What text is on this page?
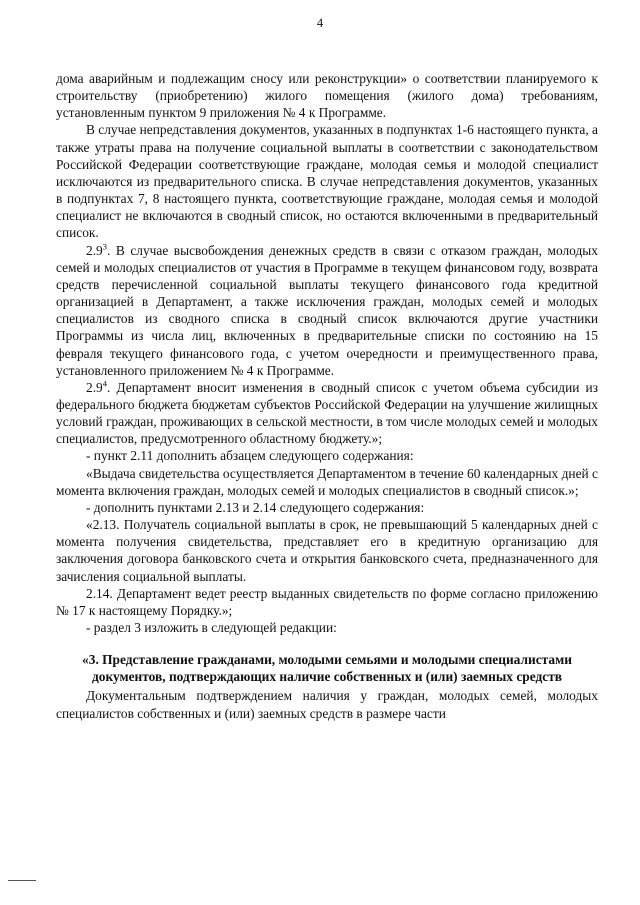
4

дома аварийным и подлежащим сносу или реконструкции» о соответствии планируемого к строительству (приобретению) жилого помещения (жилого дома) требованиям, установленным пунктом 9 приложения № 4 к Программе.

В случае непредставления документов, указанных в подпунктах 1-6 настоящего пункта, а также утраты права на получение социальной выплаты в соответствии с законодательством Российской Федерации соответствующие граждане, молодая семья и молодой специалист исключаются из предварительного списка. В случае непредставления документов, указанных в подпунктах 7, 8 настоящего пункта, соответствующие граждане, молодая семья и молодой специалист не включаются в сводный список, но остаются включенными в предварительный список.

$2.9^3$. В случае высвобождения денежных средств в связи с отказом граждан, молодых семей и молодых специалистов от участия в Программе в текущем финансовом году, возврата средств перечисленной социальной выплаты текущего финансового года кредитной организацией в Департамент, а также исключения граждан, молодых семей и молодых специалистов из сводного списка в сводный список включаются другие участники Программы из числа лиц, включенных в предварительные списки по состоянию на 15 февраля текущего финансового года, с учетом очередности и преимущественного права, установленного приложением № 4 к Программе.

$2.9^4$. Департамент вносит изменения в сводный список с учетом объема субсидии из федерального бюджета бюджетам субъектов Российской Федерации на улучшение жилищных условий граждан, проживающих в сельской местности, в том числе молодых семей и молодых специалистов, предусмотренного областному бюджету.»;

- пункт 2.11 дополнить абзацем следующего содержания:

«Выдача свидетельства осуществляется Департаментом в течение 60 календарных дней с момента включения граждан, молодых семей и молодых специалистов в сводный список.»;

- дополнить пунктами 2.13 и 2.14 следующего содержания:

«2.13. Получатель социальной выплаты в срок, не превышающий 5 календарных дней с момента получения свидетельства, представляет его в кредитную организацию для заключения договора банковского счета и открытия банковского счета, предназначенного для зачисления социальной выплаты.

2.14. Департамент ведет реестр выданных свидетельств по форме согласно приложению № 17 к настоящему Порядку.»;

- раздел 3 изложить в следующей редакции:

«3. Представление гражданами, молодыми семьями и молодыми специалистами документов, подтверждающих наличие собственных и (или) заемных средств

Документальным подтверждением наличия у граждан, молодых семей, молодых специалистов собственных и (или) заемных средств в размере части
